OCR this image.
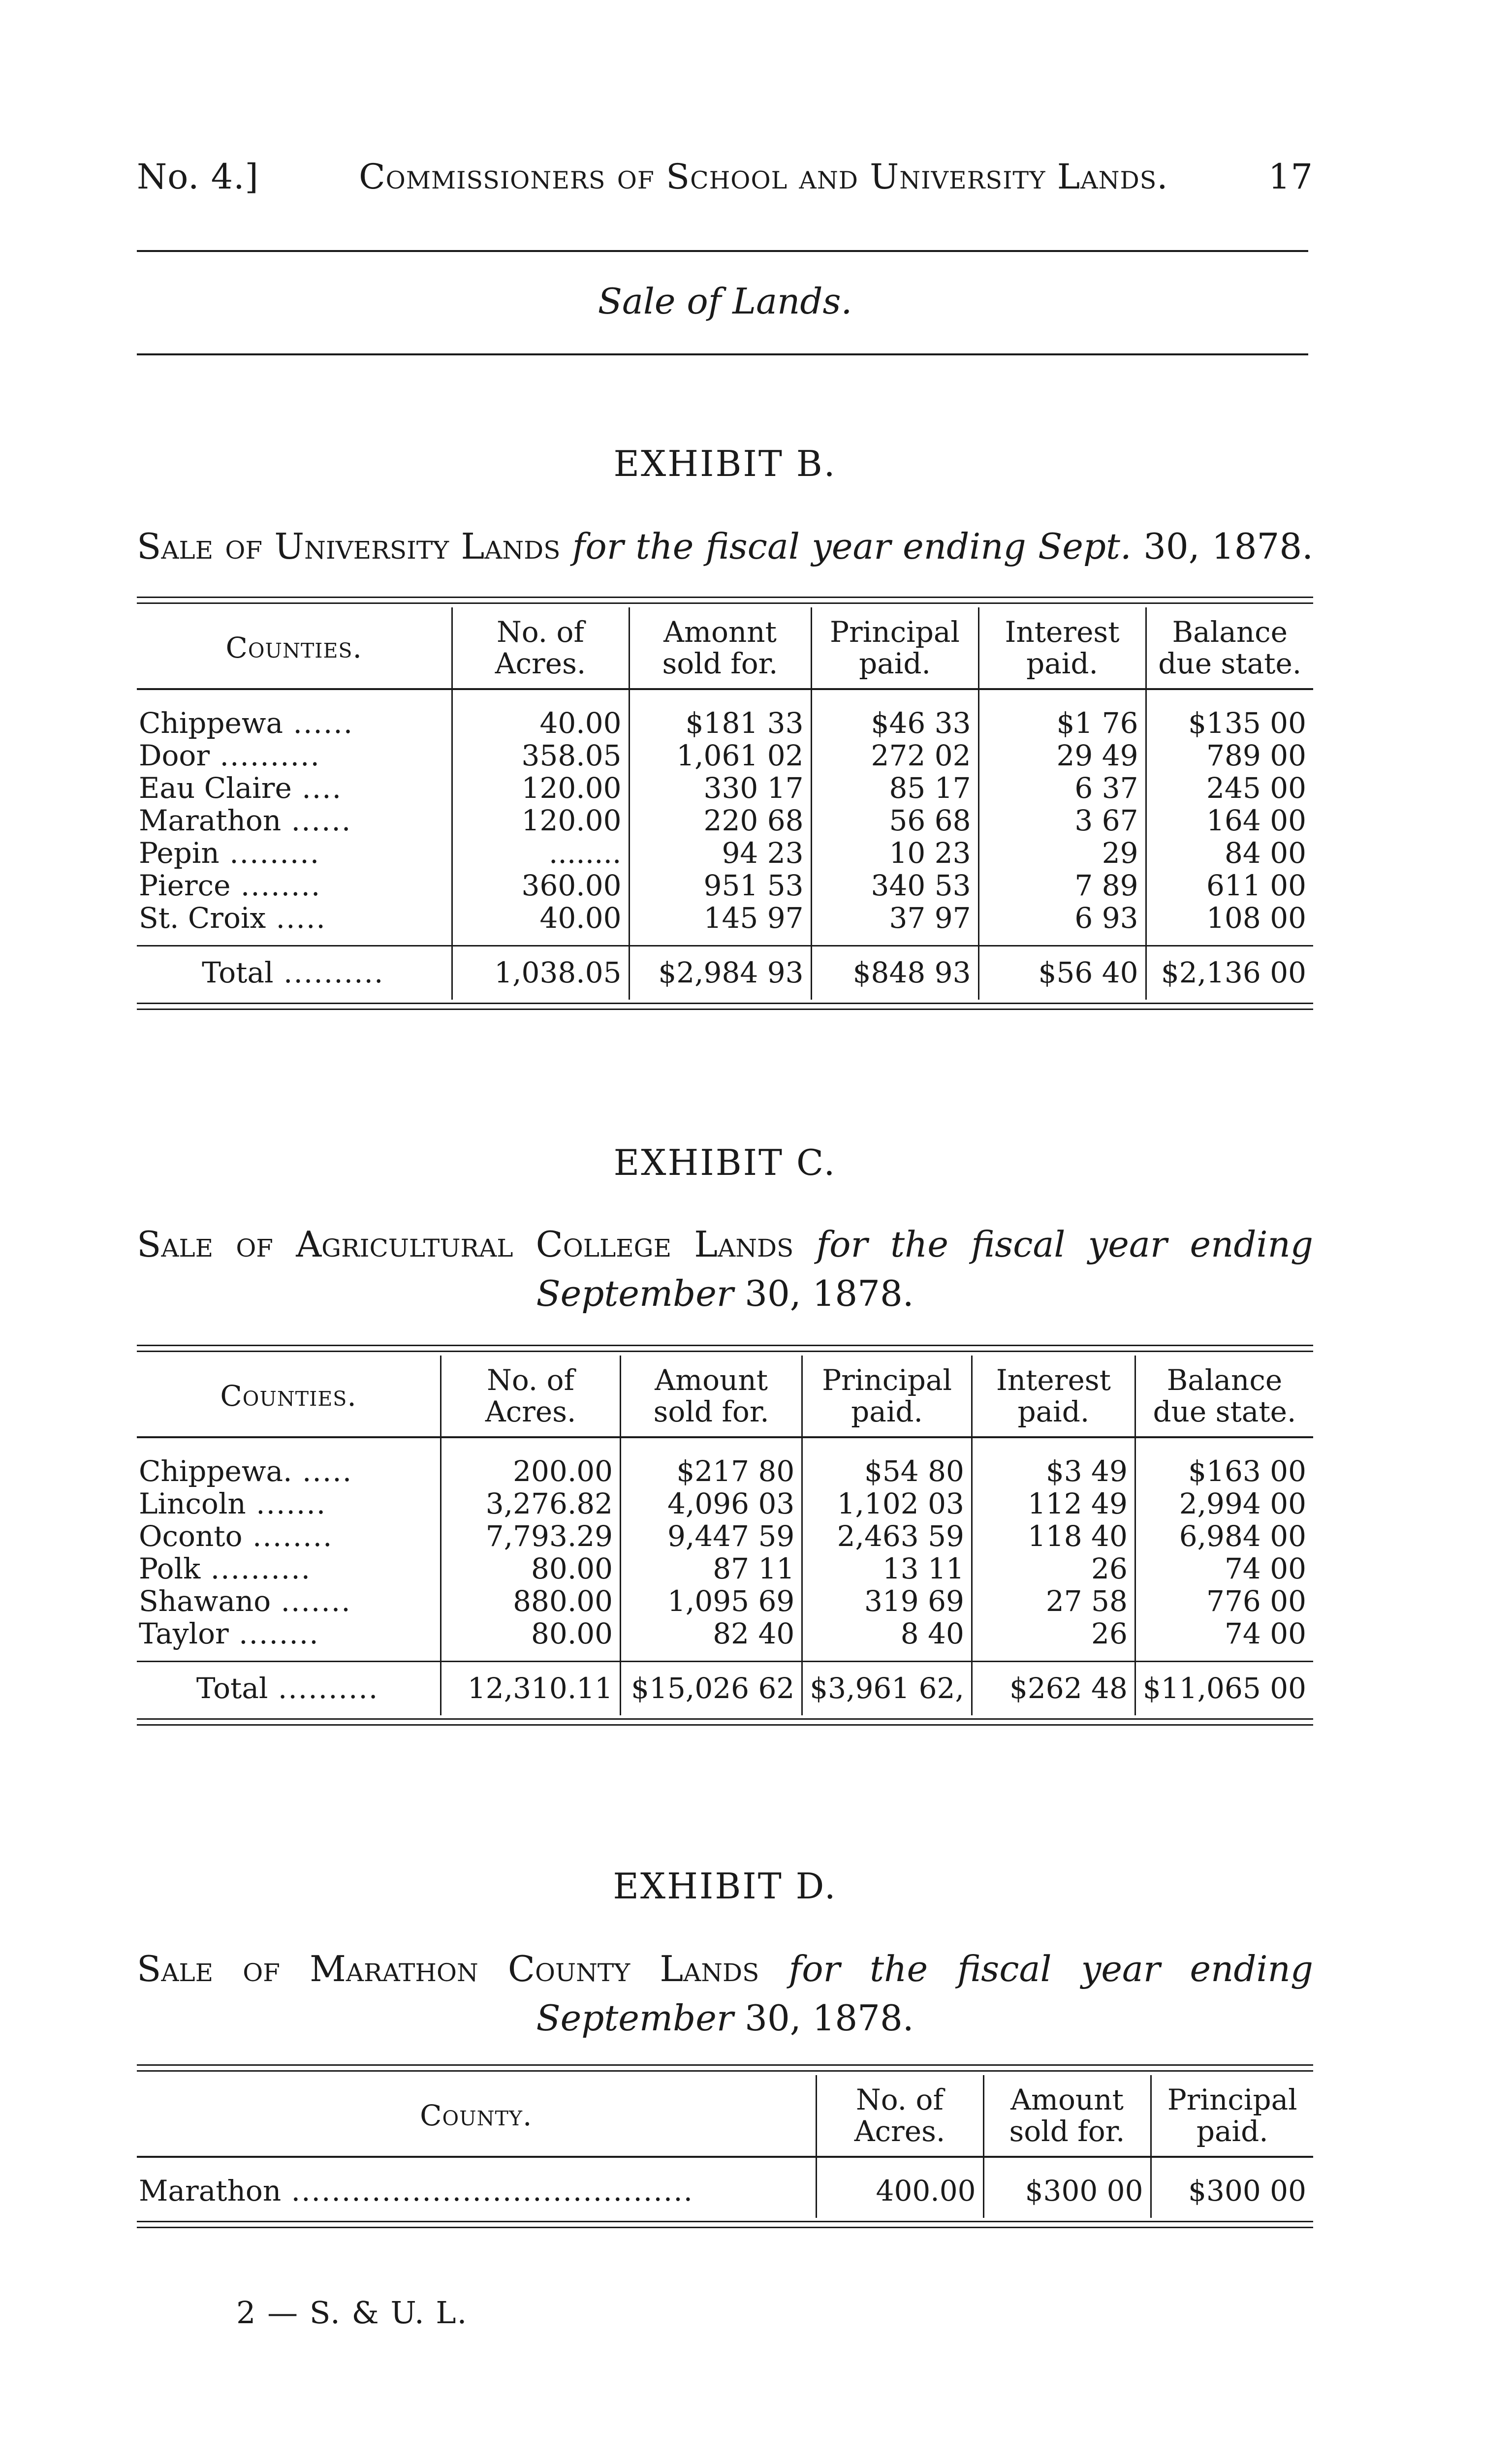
No. 4.]	Commissioners of School and University Lands.	17
Sale of Lands.
EXHIBIT B.
Sale of University Lands for the fiscal year ending Sept. 30, 1878.
Counties.	No. of Acres.	Amonnt sold for.	Principal paid.	Interest paid.	Balance due state.

Chippewa ......	40.00	$181 33	$46 33	$1 76	$135 00
Door ..........	358.05	1,061 02	272 02	29 49	789 00
Eau Claire ....	120.00	330 17	85 17	6 37	245 00
Marathon ......	120.00	220 68	56 68	3 67	164 00
Pepin .........	........	94 23	10 23	29	84 00
Pierce ........	360.00	951 53	340 53	7 89	611 00
St. Croix .....	40.00	145 97	37 97	6 93	108 00

Total ..........	1,038.05	$2,984 93	$848 93	$56 40	$2,136 00
EXHIBIT C.
Sale of Agricultural College Lands for the fiscal year ending
September 30, 1878.
Counties.	No. of Acres.	Amount sold for.	Principal paid.	Interest paid.	Balance due state.

Chippewa. .....	200.00	$217 80	$54 80	$3 49	$163 00
Lincoln .......	3,276.82	4,096 03	1,102 03	112 49	2,994 00
Oconto ........	7,793.29	9,447 59	2,463 59	118 40	6,984 00
Polk ..........	80.00	87 11	13 11	26	74 00
Shawano .......	880.00	1,095 69	319 69	27 58	776 00
Taylor ........	80.00	82 40	8 40	26	74 00

Total ..........	12,310.11	$15,026 62	$3,961 62,	$262 48	$11,065 00
EXHIBIT D.
Sale of Marathon County Lands for the fiscal year ending
September 30, 1878.
County.	No. of Acres.	Amount sold for.	Principal paid.

Marathon ........................................	400.00	$300 00	$300 00

2 — S. & U. L.
